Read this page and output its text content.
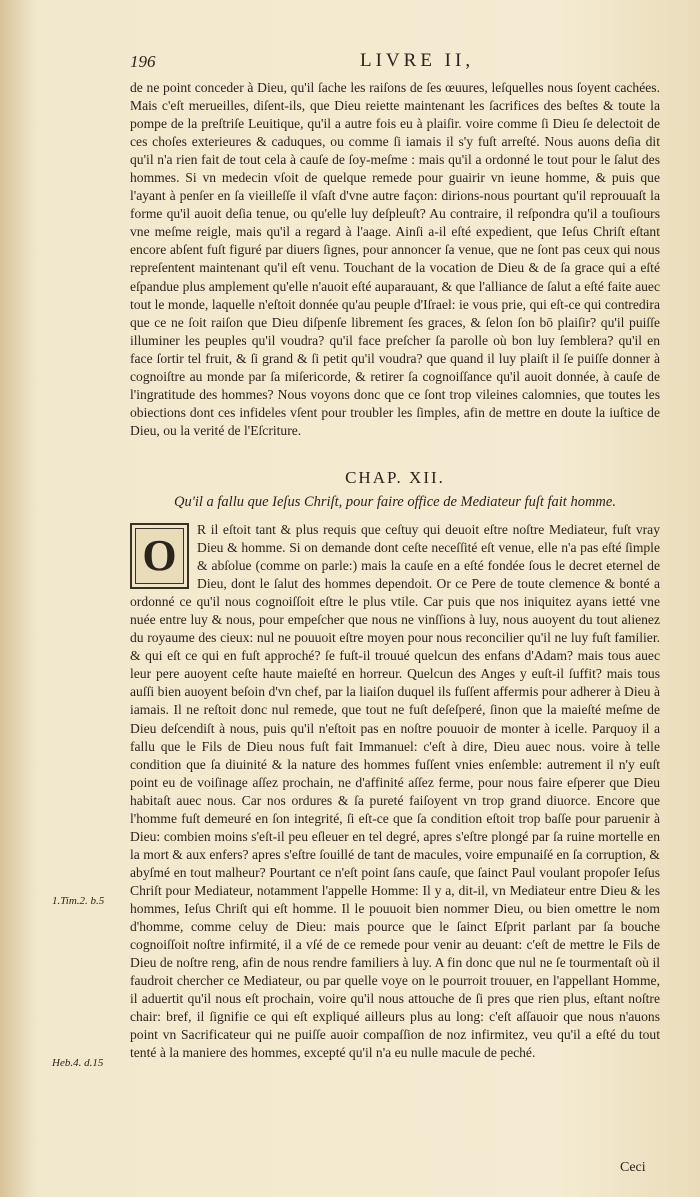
196	LIVRE II,

de ne point conceder à Dieu, qu'il ſache les raiſons de ſes œuures, leſquelles nous ſoyent cachées. Mais c'eſt merueilles, diſent-ils, que Dieu reiette maintenant les ſacrifices des beſtes & toute la pompe de la preſtriſe Leuitique, qu'il a autre fois eu à plaiſir. voire comme ſi Dieu ſe delectoit de ces choſes exterieures & caduques, ou comme ſi iamais il s'y fuſt arreſté. Nous auons deſia dit qu'il n'a rien fait de tout cela à cauſe de ſoy-meſme : mais qu'il a ordonné le tout pour le ſalut des hommes. Si vn medecin vſoit de quelque remede pour guairir vn ieune homme, & puis que l'ayant à penſer en ſa vieilleſſe il vſaſt d'vne autre façon: dirions-nous pourtant qu'il reprouuaſt la forme qu'il auoit deſia tenue, ou qu'elle luy deſpleuſt? Au contraire, il reſpondra qu'il a touſiours vne meſme reigle, mais qu'il a regard à l'aage. Ainſi a-il eſté expedient, que Ieſus Chriſt eſtant encore abſent fuſt figuré par diuers ſignes, pour annoncer ſa venue, que ne ſont pas ceux qui nous repreſentent maintenant qu'il eſt venu. Touchant de la vocation de Dieu & de ſa grace qui a eſté eſpandue plus amplement qu'elle n'auoit eſté auparauant, & que l'alliance de ſalut a eſté faite auec tout le monde, laquelle n'eſtoit donnée qu'au peuple d'Iſrael: ie vous prie, qui eſt-ce qui contredira que ce ne ſoit raiſon que Dieu diſpenſe librement ſes graces, & ſelon ſon bō plaiſir? qu'il puiſſe illuminer les peuples qu'il voudra? qu'il face preſcher ſa parolle où bon luy ſemblera? qu'il en face ſortir tel fruit, & ſi grand & ſi petit qu'il voudra? que quand il luy plaiſt il ſe puiſſe donner à cognoiſtre au monde par ſa miſericorde, & retirer ſa cognoiſſance qu'il auoit donnée, à cauſe de l'ingratitude des hommes? Nous voyons donc que ce ſont trop vileines calomnies, que toutes les obiections dont ces infideles vſent pour troubler les ſimples, afin de mettre en doute la iuſtice de Dieu, ou la verité de l'Eſcriture.

CHAP. XII.
Qu'il a fallu que Ieſus Chriſt, pour faire office de Mediateur fuſt fait homme.
O

R il eſtoit tant & plus requis que ceſtuy qui deuoit eſtre noſtre Mediateur, fuſt vray Dieu & homme. Si on demande dont ceſte neceſſité eſt venue, elle n'a pas eſté ſimple & abſolue (comme on parle:) mais la cauſe en a eſté fondée ſous le decret eternel de Dieu, dont le ſalut des hommes dependoit. Or ce Pere de toute clemence & bonté a ordonné ce qu'il nous cognoiſſoit eſtre le plus vtile. Car puis que nos iniquitez ayans ietté vne nuée entre luy & nous, pour empeſcher que nous ne vinſſions à luy, nous auoyent du tout alienez du royaume des cieux: nul ne pouuoit eſtre moyen pour nous reconcilier qu'il ne luy fuſt familier. & qui eſt ce qui en fuſt approché? ſe fuſt-il trouué quelcun des enfans d'Adam? mais tous auec leur pere auoyent ceſte haute maieſté en horreur. Quelcun des Anges y euſt-il ſuffit? mais tous auſſi bien auoyent beſoin d'vn chef, par la liaiſon duquel ils fuſſent affermis pour adherer à Dieu à iamais. Il ne reſtoit donc nul remede, que tout ne fuſt deſeſperé, ſinon que la maieſté meſme de Dieu deſcendiſt à nous, puis qu'il n'eſtoit pas en noſtre pouuoir de monter à icelle. Parquoy il a fallu que le Fils de Dieu nous fuſt fait Immanuel: c'eſt à dire, Dieu auec nous. voire à telle condition que ſa diuinité & la nature des hommes fuſſent vnies enſemble: autrement il n'y euſt point eu de voiſinage aſſez prochain, ne d'affinité aſſez ferme, pour nous faire eſperer que Dieu habitaſt auec nous. Car nos ordures & ſa pureté faiſoyent vn trop grand diuorce. Encore que l'homme fuſt demeuré en ſon integrité, ſi eſt-ce que ſa condition eſtoit trop baſſe pour paruenir à Dieu: combien moins s'eſt-il peu eſleuer en tel degré, apres s'eſtre plongé par ſa ruine mortelle en la mort & aux enfers? apres s'eſtre ſouillé de tant de macules, voire empunaiſé en ſa corruption, & abyſmé en tout malheur? Pourtant ce n'eſt point ſans cauſe, que ſainct Paul voulant propoſer Ieſus Chriſt pour Mediateur, notamment l'appelle Homme: Il y a, dit-il, vn Mediateur entre Dieu & les hommes, Ieſus Chriſt qui eſt homme. Il le pouuoit bien nommer Dieu, ou bien omettre le nom d'homme, comme celuy de Dieu: mais pource que le ſainct Eſprit parlant par ſa bouche cognoiſſoit noſtre infirmité, il a vſé de ce remede pour venir au deuant: c'eſt de mettre le Fils de Dieu de noſtre reng, afin de nous rendre familiers à luy. A fin donc que nul ne ſe tourmentaſt où il faudroit chercher ce Mediateur, ou par quelle voye on le pourroit trouuer, en l'appellant Homme, il aduertit qu'il nous eſt prochain, voire qu'il nous attouche de ſi pres que rien plus, eſtant noſtre chair: bref, il ſignifie ce qui eſt expliqué ailleurs plus au long: c'eſt aſſauoir que nous n'auons point vn Sacrificateur qui ne puiſſe auoir compaſſion de noz infirmitez, veu qu'il a eſté du tout tenté à la maniere des hommes, excepté qu'il n'a eu nulle macule de peché.

1.Tim.2. b.5
Heb.4. d.15
Ceci
